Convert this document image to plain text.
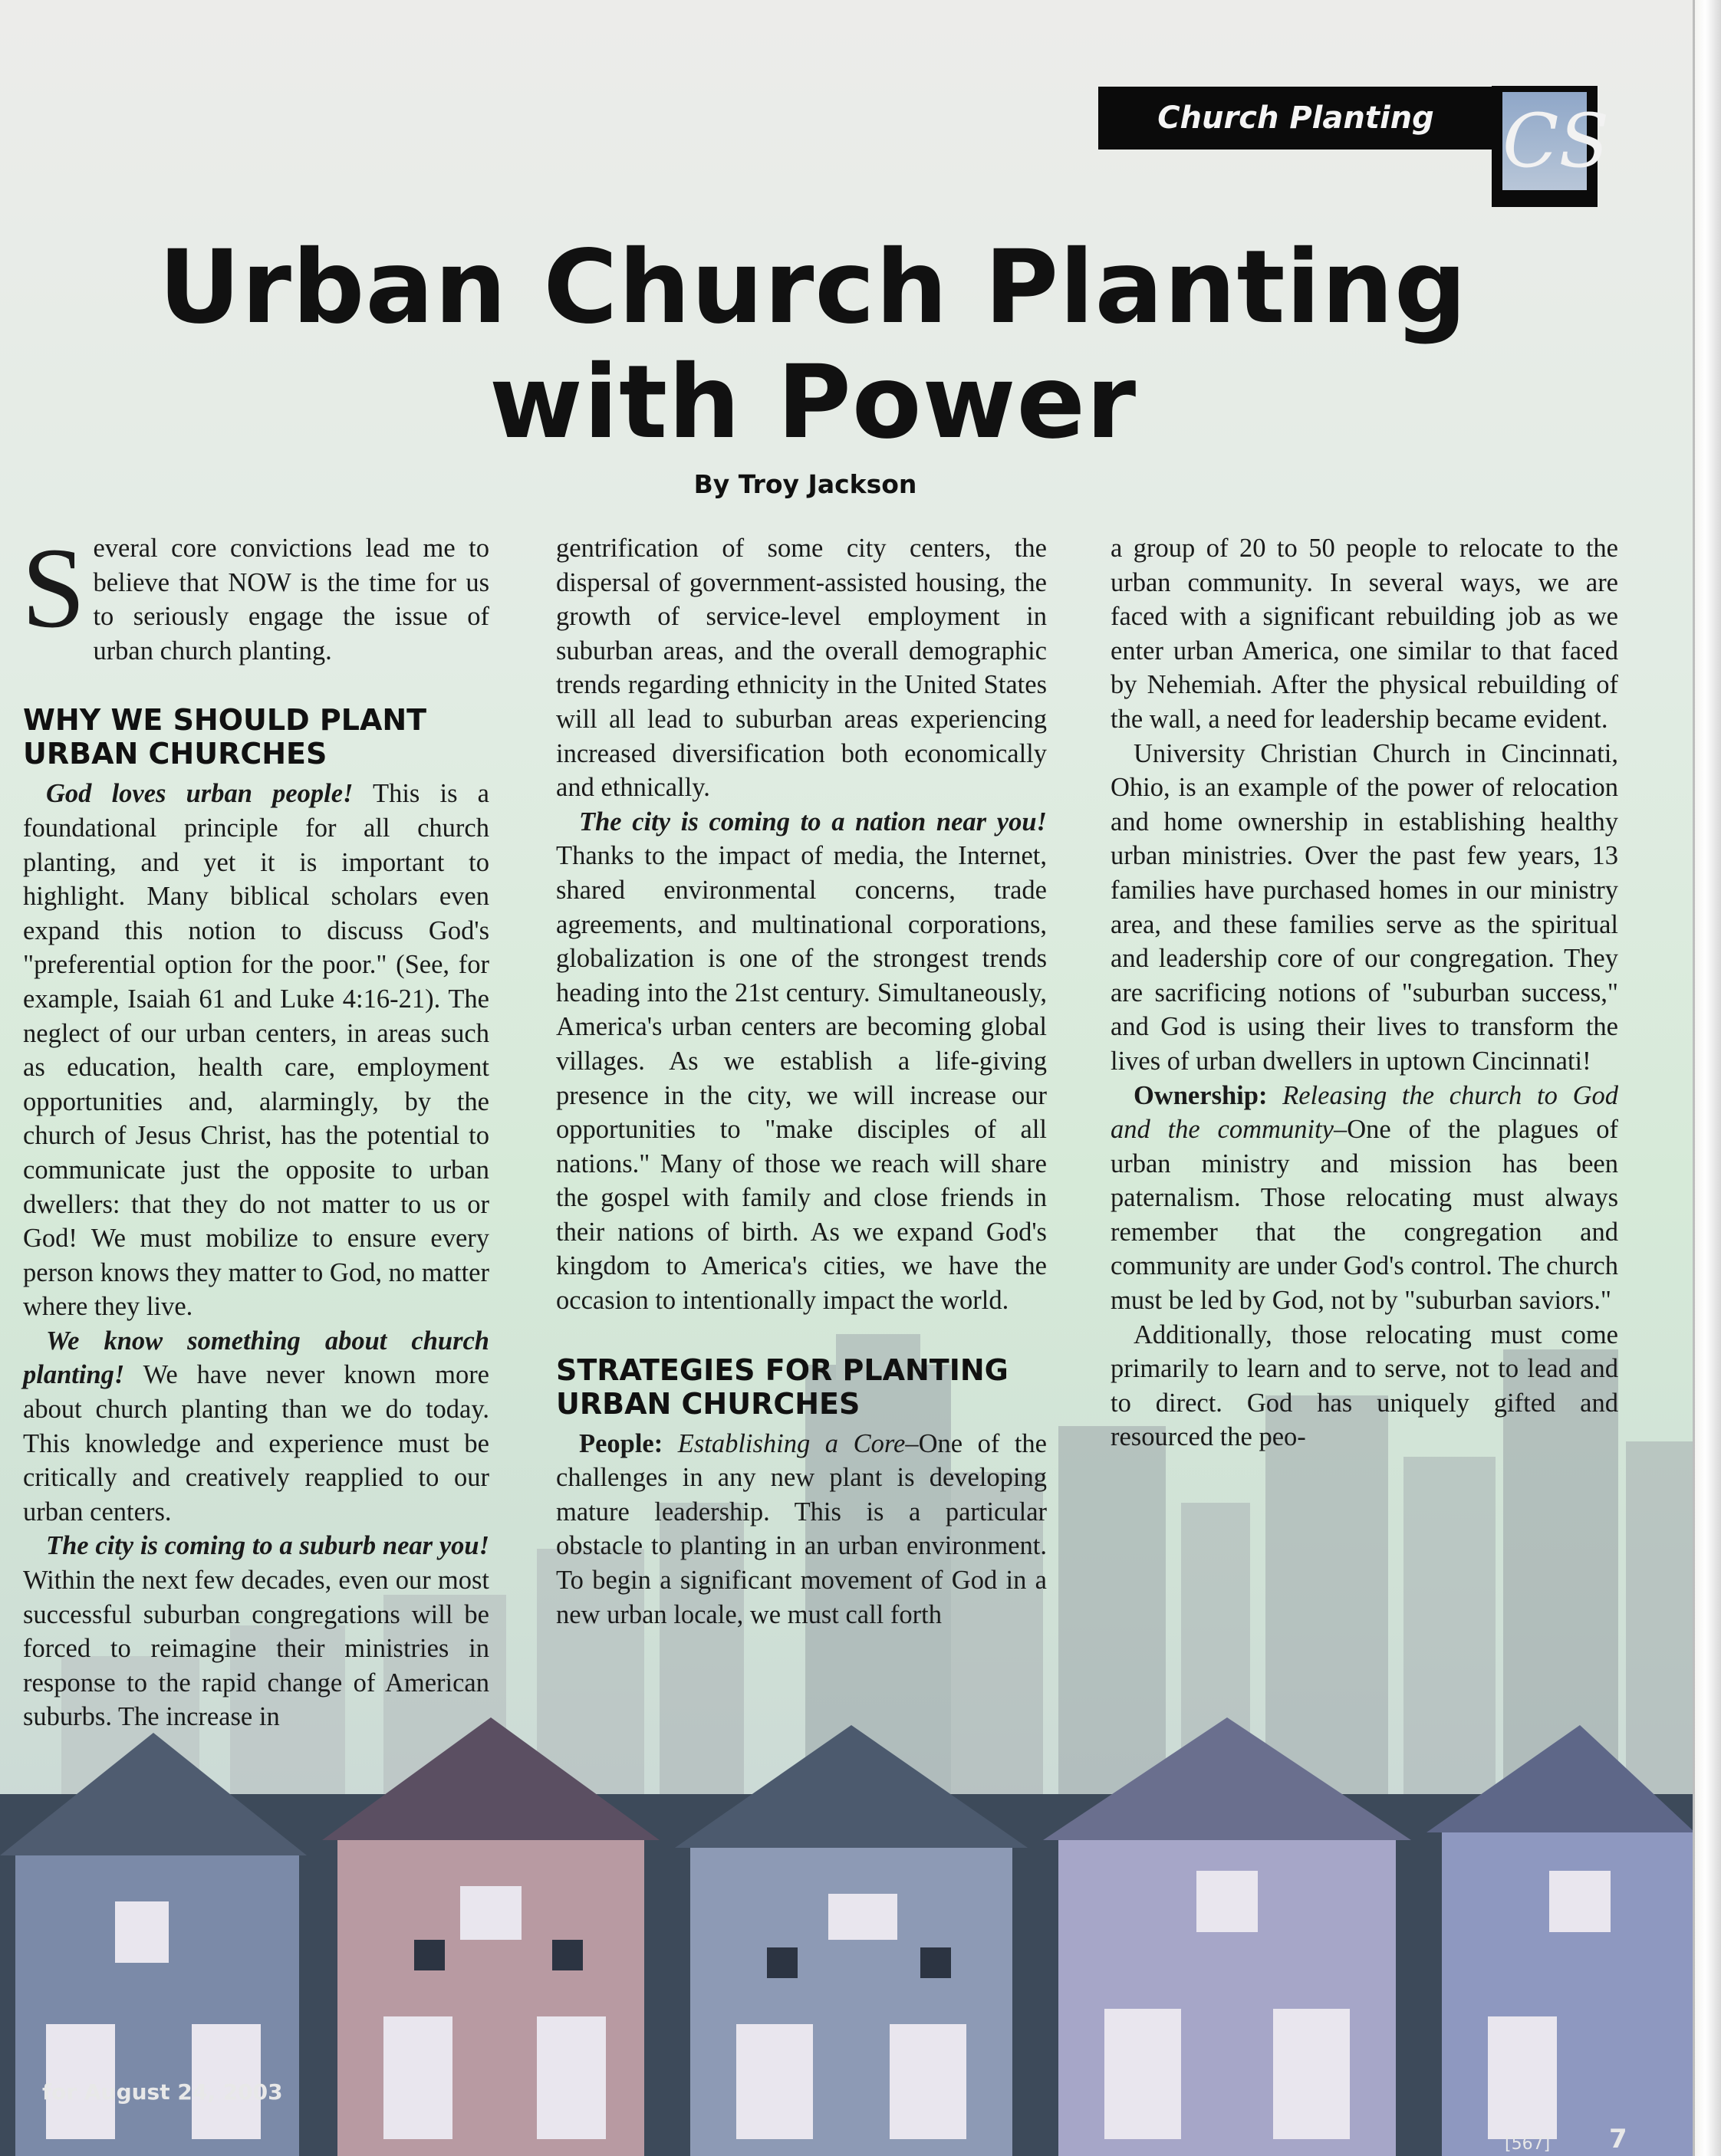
Church Planting CS
Urban Church Planting
with Power
By Troy Jackson

Several core convictions lead me to believe that NOW is the time for us to seriously engage the issue of urban church planting.

WHY WE SHOULD PLANT URBAN CHURCHES

God loves urban people! This is a foundational principle for all church planting, and yet it is important to highlight. Many biblical scholars even expand this notion to discuss God's "preferential option for the poor." (See, for example, Isaiah 61 and Luke 4:16-21). The neglect of our urban centers, in areas such as education, health care, employment opportunities and, alarmingly, by the church of Jesus Christ, has the potential to communicate just the opposite to urban dwellers: that they do not matter to us or God! We must mobilize to ensure every person knows they matter to God, no matter where they live.

We know something about church planting! We have never known more about church planting than we do today. This knowledge and experience must be critically and creatively reapplied to our urban centers.

The city is coming to a suburb near you! Within the next few decades, even our most successful suburban congregations will be forced to reimagine their ministries in response to the rapid change of American suburbs. The increase in

gentrification of some city centers, the dispersal of government-assisted housing, the growth of service-level employment in suburban areas, and the overall demographic trends regarding ethnicity in the United States will all lead to suburban areas experiencing increased diversification both economically and ethnically.

The city is coming to a nation near you! Thanks to the impact of media, the Internet, shared environmental concerns, trade agreements, and multinational corporations, globalization is one of the strongest trends heading into the 21st century. Simultaneously, America's urban centers are becoming global villages. As we establish a life-giving presence in the city, we will increase our opportunities to "make disciples of all nations." Many of those we reach will share the gospel with family and close friends in their nations of birth. As we expand God's kingdom to America's cities, we have the occasion to intentionally impact the world.

STRATEGIES FOR PLANTING URBAN CHURCHES

People: Establishing a Core–One of the challenges in any new plant is developing mature leadership. This is a particular obstacle to planting in an urban environment. To begin a significant movement of God in a new urban locale, we must call forth

a group of 20 to 50 people to relocate to the urban community. In several ways, we are faced with a significant rebuilding job as we enter urban America, one similar to that faced by Nehemiah. After the physical rebuilding of the wall, a need for leadership became evident.

University Christian Church in Cincinnati, Ohio, is an example of the power of relocation and home ownership in establishing healthy urban ministries. Over the past few years, 13 families have purchased homes in our ministry area, and these families serve as the spiritual and leadership core of our congregation. They are sacrificing notions of "suburban success," and God is using their lives to transform the lives of urban dwellers in uptown Cincinnati!

Ownership: Releasing the church to God and the community–One of the plagues of urban ministry and mission has been paternalism. Those relocating must always remember that the congregation and community are under God's control. The church must be led by God, not by "suburban saviors."

Additionally, those relocating must come primarily to learn and to serve, not to lead and to direct. God has uniquely gifted and resourced the peo-

for August 24, 2003
[567] 7
